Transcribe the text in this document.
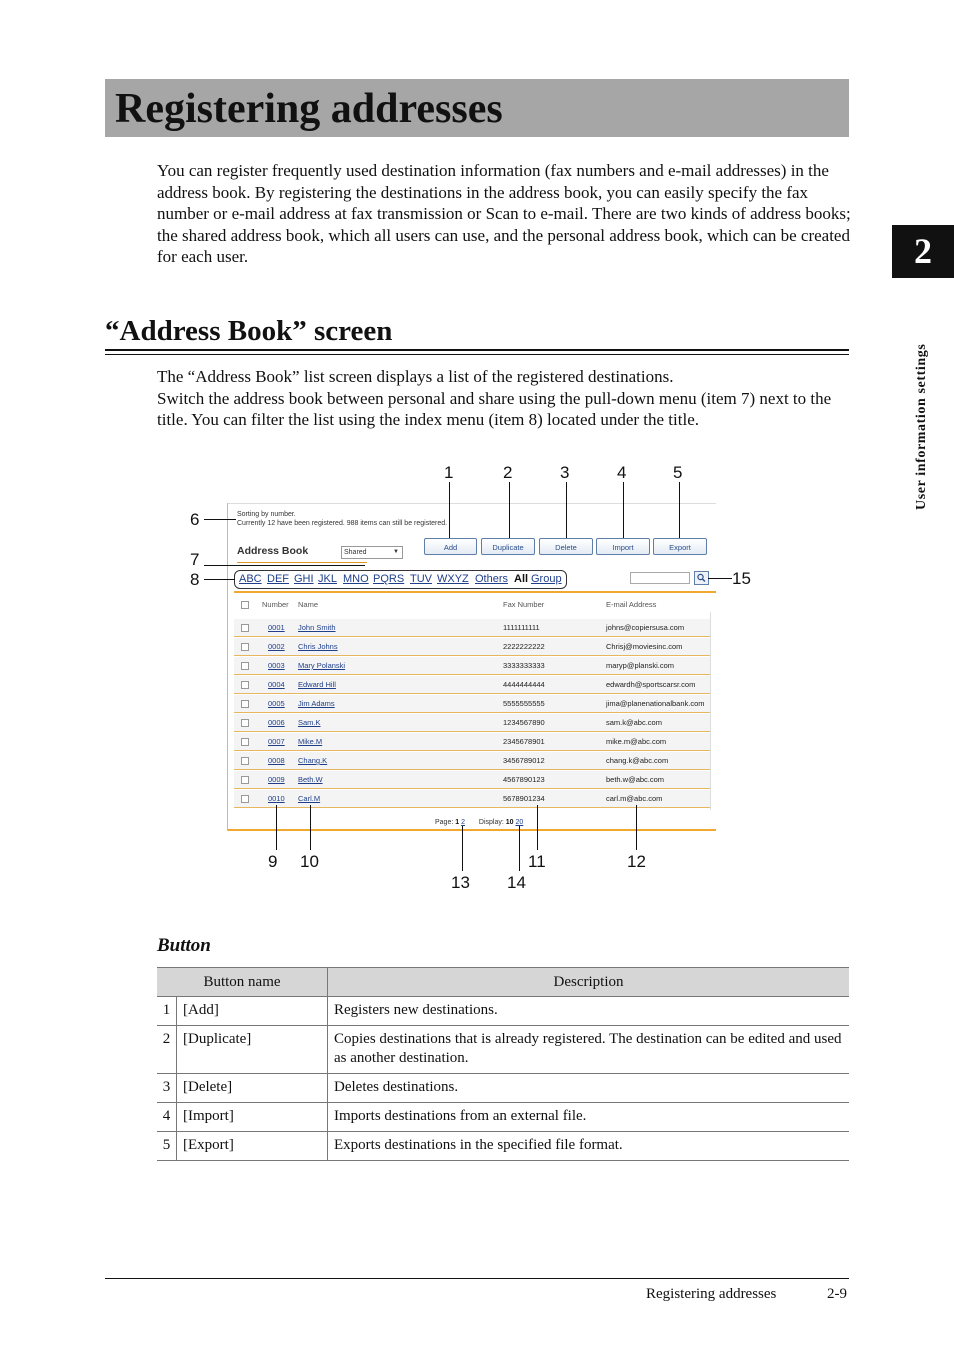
Registering addresses

You can register frequently used destination information (fax numbers and e-mail addresses) in the address book. By registering the destinations in the address book, you can easily specify the fax number or e-mail address at fax transmission or Scan to e-mail. There are two kinds of address books; the shared address book, which all users can use, and the personal address book, which can be created for each user.

“Address Book” screen

The “Address Book” list screen displays a list of the registered destinations.

Switch the address book between personal and share using the pull-down menu (item 7) next to the title. You can filter the list using the index menu (item 8) located under the title.

2
User information settings
Sorting by number.
Currently 12 have been registered. 988 items can still be registered.
Address Book	Shared	▼	Add	Duplicate	Delete	Import	Export
ABC DEF GHI JKL MNO PQRS TUV WXYZ Others All Group
Number Name	Fax Number	E-mail Address
0001 John Smith	1111111111	johns@copiersusa.com
0002 Chris Johns	2222222222	Chrisj@moviesinc.com
0003 Mary Polanski	3333333333	maryp@planski.com
0004 Edward Hill	4444444444	edwardh@sportscarsr.com
0005 Jim Adams	5555555555	jima@planenationalbank.com
0006 Sam.K	1234567890	sam.k@abc.com
0007 Mike.M	2345678901	mike.m@abc.com
0008 Chang.K	3456789012	chang.k@abc.com
0009 Beth.W	4567890123	beth.w@abc.com
0010 Carl.M	5678901234	carl.m@abc.com
Page: 1 2 Display: 10 20
1	2	3	4	5
6
7
8
9 10	11	12
13 14
15
Button
Button name		Description
1	[Add]	Registers new destinations.
2	[Duplicate]	Copies destinations that is already registered. The destination can be edited and used as another destination.
3	[Delete]	Deletes destinations.
4	[Import]	Imports destinations from an external file.
5	[Export]	Exports destinations in the specified file format.
Registering addresses	2-9
